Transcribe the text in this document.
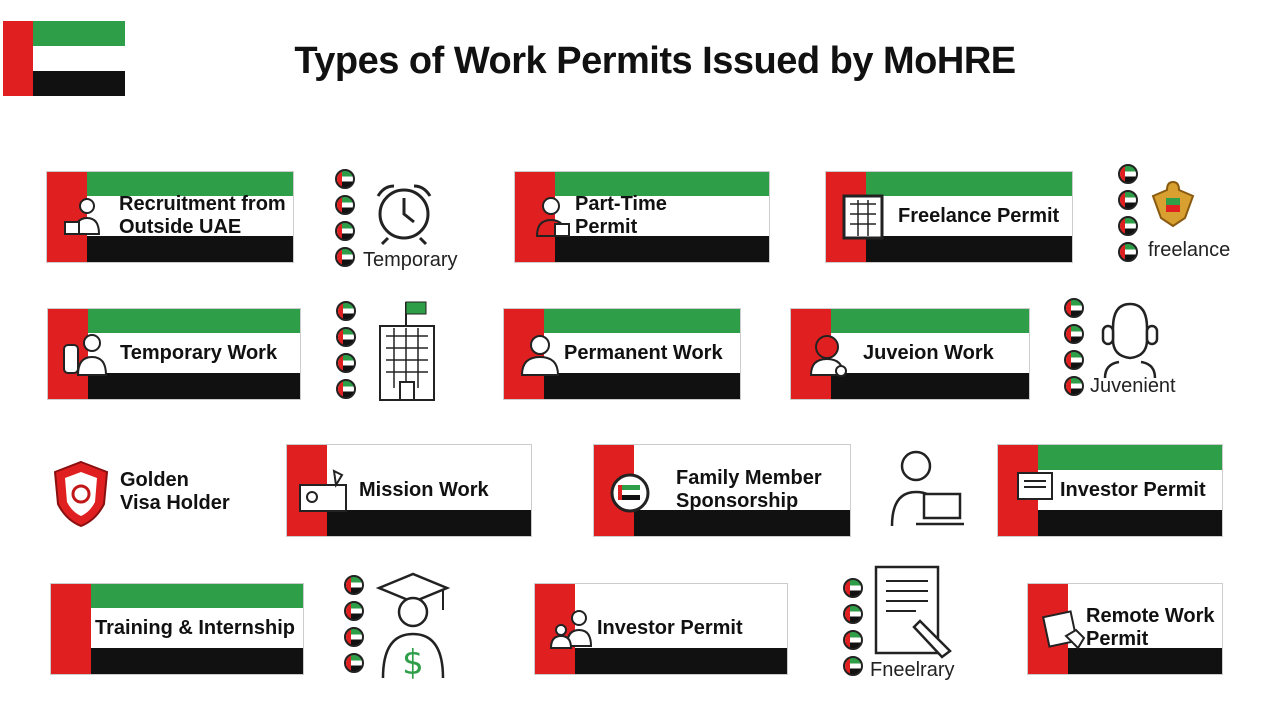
Types of Work Permits Issued by MoHRE
Recruitment from Outside UAE
Part-Time Permit
Freelance Permit
Temporary Work	Permanent Work	Juveion Work
Mission Work
Family Member Sponsorship
Investor Permit
Training & Internship	Investor Permit
Remote Work Permit
Golden Visa Holder
Temporary	freelance
Juvenient
$	Fneelrary
